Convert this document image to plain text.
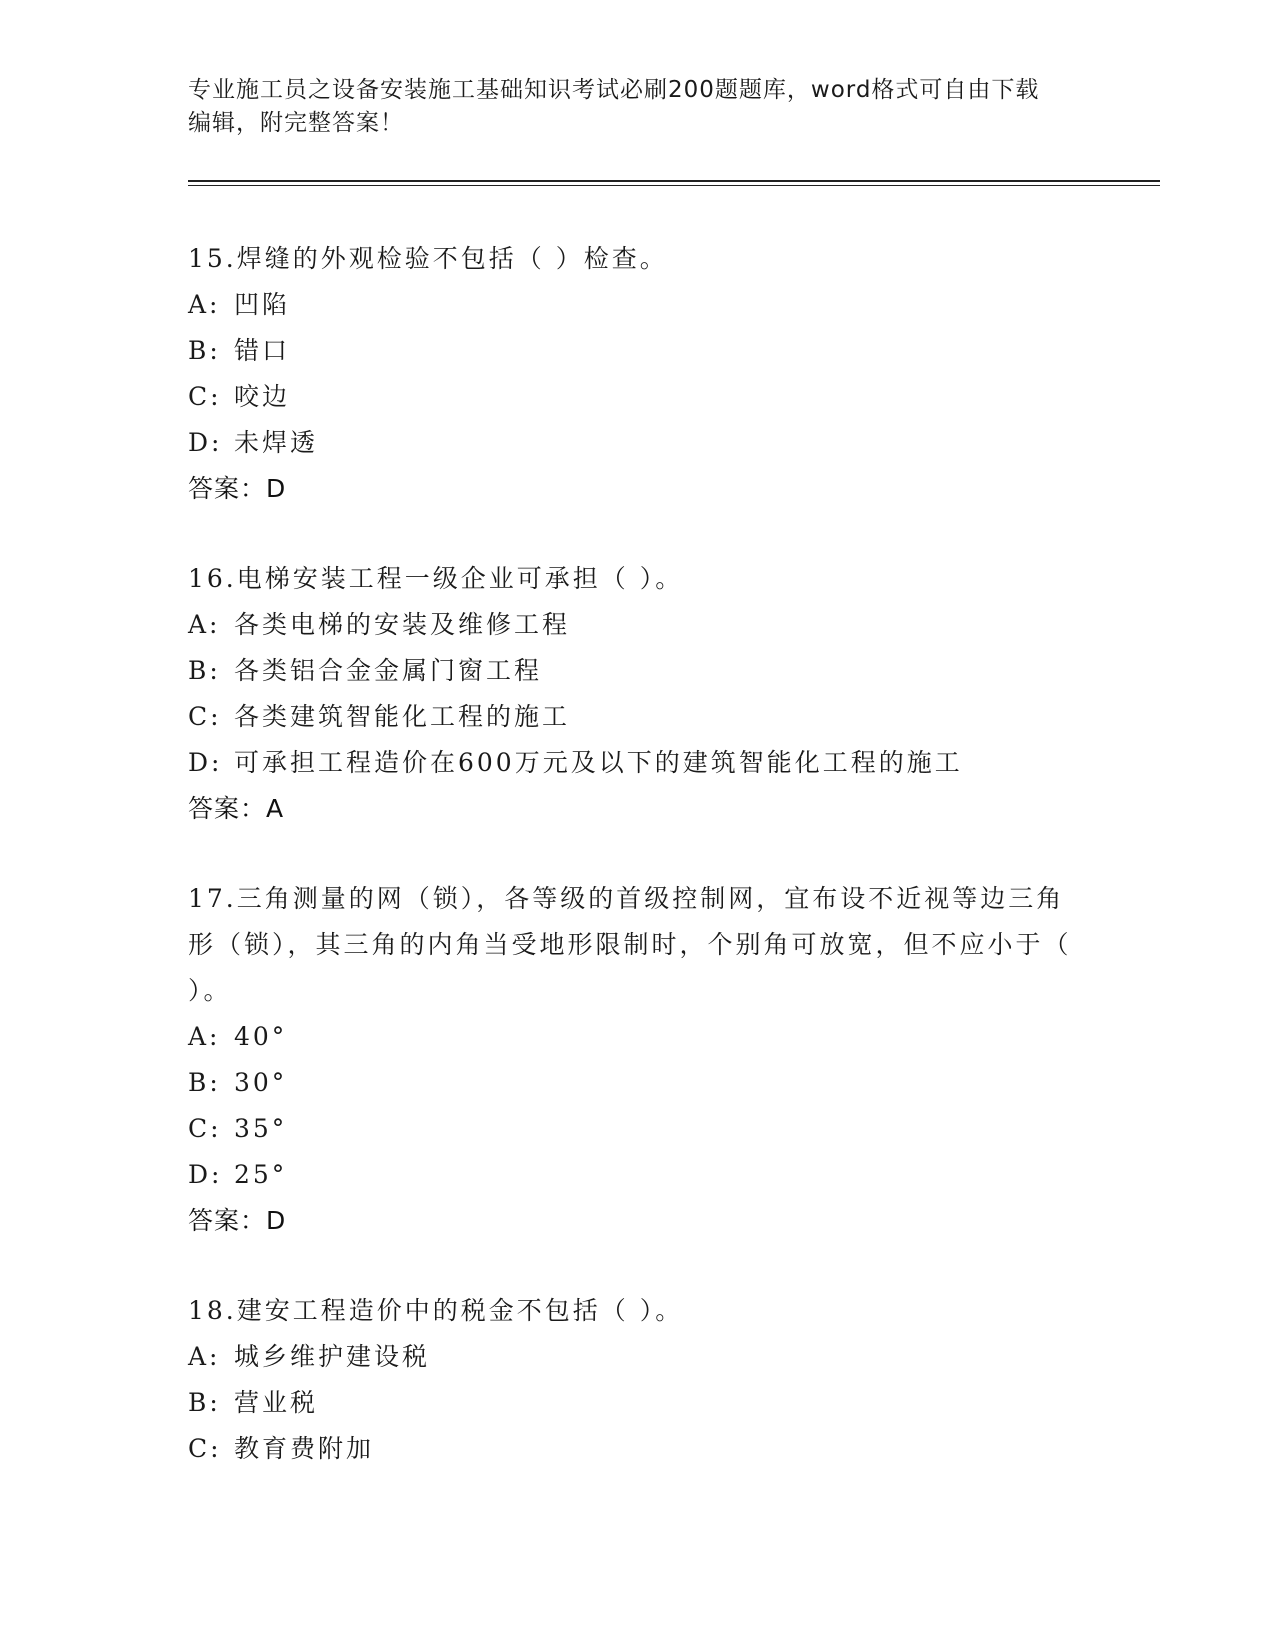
专业施工员之设备安装施工基础知识考试必刷200题题库，word格式可自由下载
编辑，附完整答案！
15.焊缝的外观检验不包括（ ）检查。
A: 凹陷
B: 错口
C: 咬边
D: 未焊透
答案：D
16.电梯安装工程一级企业可承担（ ）。
A: 各类电梯的安装及维修工程
B: 各类铝合金金属门窗工程
C: 各类建筑智能化工程的施工
D: 可承担工程造价在600万元及以下的建筑智能化工程的施工
答案：A
17.三角测量的网（锁），各等级的首级控制网，宜布设不近视等边三角形（锁），其三角的内角当受地形限制时，个别角可放宽，但不应小于（ ）。
A: 40°
B: 30°
C: 35°
D: 25°
答案：D
18.建安工程造价中的税金不包括（ ）。
A: 城乡维护建设税
B: 营业税
C: 教育费附加
